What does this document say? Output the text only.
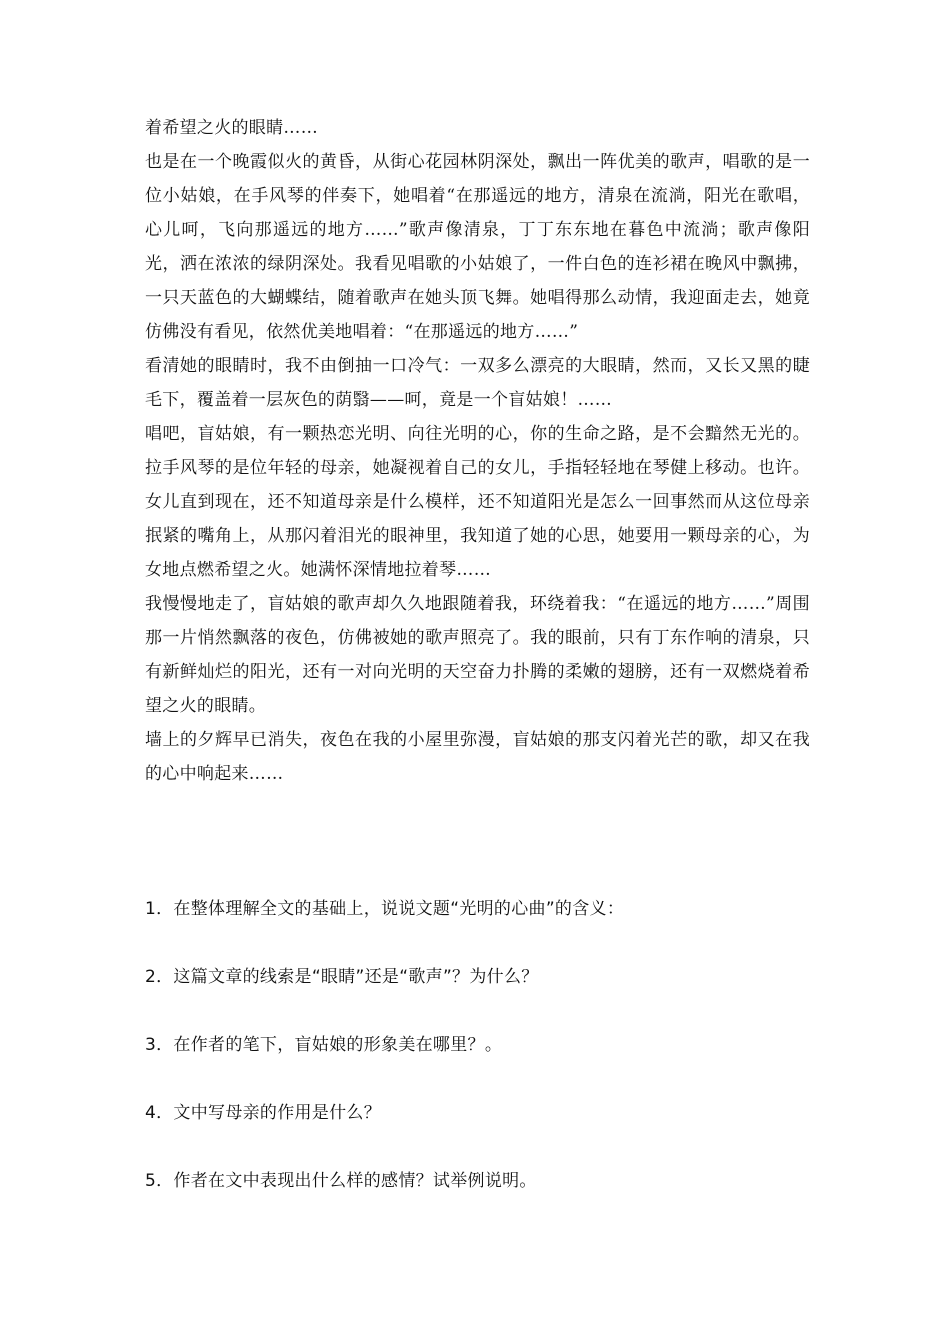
着希望之火的眼睛……

也是在一个晚霞似火的黄昏，从街心花园林阴深处，飘出一阵优美的歌声，唱歌的是一位小姑娘，在手风琴的伴奏下，她唱着“在那遥远的地方，清泉在流淌，阳光在歌唱，心儿呵，飞向那遥远的地方……”歌声像清泉，丁丁东东地在暮色中流淌；歌声像阳光，洒在浓浓的绿阴深处。我看见唱歌的小姑娘了，一件白色的连衫裙在晚风中飘拂，一只天蓝色的大蝴蝶结，随着歌声在她头顶飞舞。她唱得那么动情，我迎面走去，她竟仿佛没有看见，依然优美地唱着：“在那遥远的地方……”

看清她的眼睛时，我不由倒抽一口冷气：一双多么漂亮的大眼睛，然而，又长又黑的睫毛下，覆盖着一层灰色的荫翳——呵，竟是一个盲姑娘！……

唱吧，盲姑娘，有一颗热恋光明、向往光明的心，你的生命之路，是不会黯然无光的。拉手风琴的是位年轻的母亲，她凝视着自己的女儿，手指轻轻地在琴健上移动。也许。女儿直到现在，还不知道母亲是什么模样，还不知道阳光是怎么一回事然而从这位母亲抿紧的嘴角上，从那闪着泪光的眼神里，我知道了她的心思，她要用一颗母亲的心，为女地点燃希望之火。她满怀深情地拉着琴……

我慢慢地走了，盲姑娘的歌声却久久地跟随着我，环绕着我：“在遥远的地方……”周围那一片悄然飘落的夜色，仿佛被她的歌声照亮了。我的眼前，只有丁东作响的清泉，只有新鲜灿烂的阳光，还有一对向光明的天空奋力扑腾的柔嫩的翅膀，还有一双燃烧着希望之火的眼睛。

墙上的夕辉早已消失，夜色在我的小屋里弥漫，盲姑娘的那支闪着光芒的歌，却又在我的心中响起来……

1．在整体理解全文的基础上，说说文题“光明的心曲”的含义：

2．这篇文章的线索是“眼睛”还是“歌声”？为什么？

3．在作者的笔下，盲姑娘的形象美在哪里？。

4．文中写母亲的作用是什么？

5．作者在文中表现出什么样的感情？试举例说明。
